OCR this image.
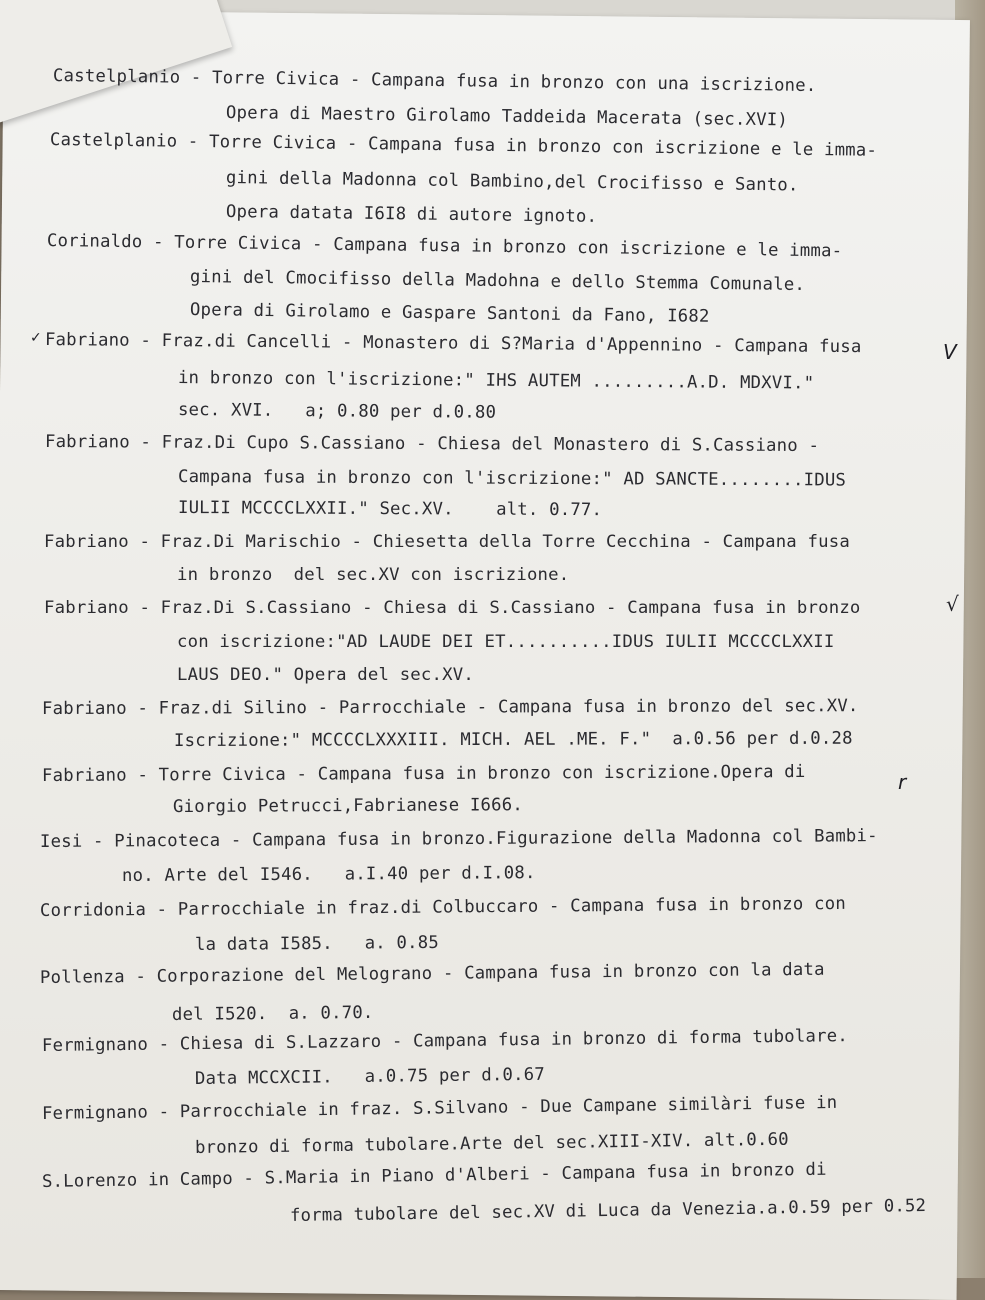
Castelplanio - Torre Civica - Campana fusa in bronzo con una iscrizione.
Opera di Maestro Girolamo Taddeida Macerata (sec.XVI)
Castelplanio - Torre Civica - Campana fusa in bronzo con iscrizione e le imma-
gini della Madonna col Bambino,del Crocifisso e Santo.
Opera datata I6I8 di autore ignoto.
Corinaldo - Torre Civica - Campana fusa in bronzo con iscrizione e le imma-
gini del Cmocifisso della Madohna e dello Stemma Comunale.
Opera di Girolamo e Gaspare Santoni da Fano, I682
Fabriano - Fraz.di Cancelli - Monastero di S?Maria d'Appennino - Campana fusa
in bronzo con l'iscrizione:" IHS AUTEM .........A.D. MDXVI."
sec. XVI.   a; 0.80 per d.0.80
Fabriano - Fraz.Di Cupo S.Cassiano - Chiesa del Monastero di S.Cassiano -
Campana fusa in bronzo con l'iscrizione:" AD SANCTE........IDUS
IULII MCCCCLXXII." Sec.XV.    alt. 0.77.
Fabriano - Fraz.Di Marischio - Chiesetta della Torre Cecchina - Campana fusa
in bronzo  del sec.XV con iscrizione.
Fabriano - Fraz.Di S.Cassiano - Chiesa di S.Cassiano - Campana fusa in bronzo
con iscrizione:"AD LAUDE DEI ET..........IDUS IULII MCCCCLXXII
LAUS DEO." Opera del sec.XV.
Fabriano - Fraz.di Silino - Parrocchiale - Campana fusa in bronzo del sec.XV.
Iscrizione:" MCCCCLXXXIII. MICH. AEL .ME. F."  a.0.56 per d.0.28
Fabriano - Torre Civica - Campana fusa in bronzo con iscrizione.Opera di
Giorgio Petrucci,Fabrianese I666.
Iesi - Pinacoteca - Campana fusa in bronzo.Figurazione della Madonna col Bambi-
no. Arte del I546.   a.I.40 per d.I.08.
Corridonia - Parrocchiale in fraz.di Colbuccaro - Campana fusa in bronzo con
la data I585.   a. 0.85
Pollenza - Corporazione del Melograno - Campana fusa in bronzo con la data
del I520.  a. 0.70.
Fermignano - Chiesa di S.Lazzaro - Campana fusa in bronzo di forma tubolare.
Data MCCXCII.   a.0.75 per d.0.67
Fermignano - Parrocchiale in fraz. S.Silvano - Due Campane similàri fuse in
bronzo di forma tubolare.Arte del sec.XIII-XIV. alt.0.60
S.Lorenzo in Campo - S.Maria in Piano d'Alberi - Campana fusa in bronzo di
forma tubolare del sec.XV di Luca da Venezia.a.0.59 per 0.52
✓
V
√
r
